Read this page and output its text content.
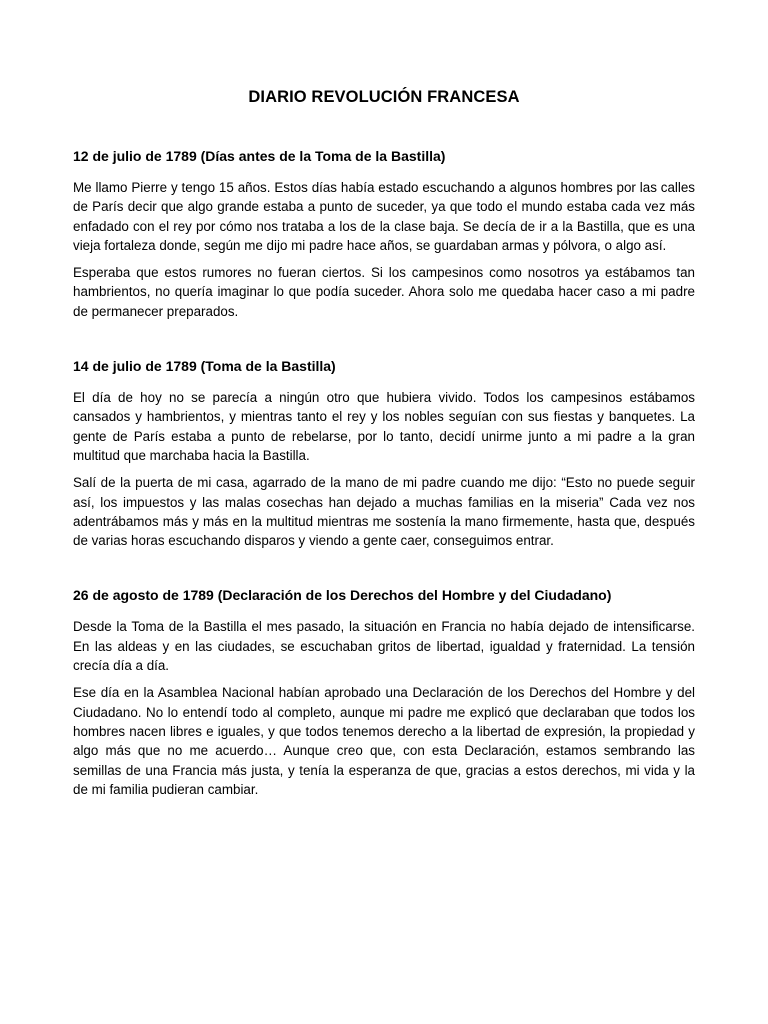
DIARIO REVOLUCIÓN FRANCESA
12 de julio de 1789 (Días antes de la Toma de la Bastilla)

Me llamo Pierre y tengo 15 años. Estos días había estado escuchando a algunos hombres por las calles de París decir que algo grande estaba a punto de suceder, ya que todo el mundo estaba cada vez más enfadado con el rey por cómo nos trataba a los de la clase baja. Se decía de ir a la Bastilla, que es una vieja fortaleza donde, según me dijo mi padre hace años, se guardaban armas y pólvora, o algo así.

Esperaba que estos rumores no fueran ciertos. Si los campesinos como nosotros ya estábamos tan hambrientos, no quería imaginar lo que podía suceder. Ahora solo me quedaba hacer caso a mi padre de permanecer preparados.

14 de julio de 1789 (Toma de la Bastilla)

El día de hoy no se parecía a ningún otro que hubiera vivido. Todos los campesinos estábamos cansados y hambrientos, y mientras tanto el rey y los nobles seguían con sus fiestas y banquetes. La gente de París estaba a punto de rebelarse, por lo tanto, decidí unirme junto a mi padre a la gran multitud que marchaba hacia la Bastilla.

Salí de la puerta de mi casa, agarrado de la mano de mi padre cuando me dijo: “Esto no puede seguir así, los impuestos y las malas cosechas han dejado a muchas familias en la miseria” Cada vez nos adentrábamos más y más en la multitud mientras me sostenía la mano firmemente, hasta que, después de varias horas escuchando disparos y viendo a gente caer, conseguimos entrar.

26 de agosto de 1789 (Declaración de los Derechos del Hombre y del Ciudadano)

Desde la Toma de la Bastilla el mes pasado, la situación en Francia no había dejado de intensificarse. En las aldeas y en las ciudades, se escuchaban gritos de libertad, igualdad y fraternidad. La tensión crecía día a día.

Ese día en la Asamblea Nacional habían aprobado una Declaración de los Derechos del Hombre y del Ciudadano. No lo entendí todo al completo, aunque mi padre me explicó que declaraban que todos los hombres nacen libres e iguales, y que todos tenemos derecho a la libertad de expresión, la propiedad y algo más que no me acuerdo… Aunque creo que, con esta Declaración, estamos sembrando las semillas de una Francia más justa, y tenía la esperanza de que, gracias a estos derechos, mi vida y la de mi familia pudieran cambiar.
